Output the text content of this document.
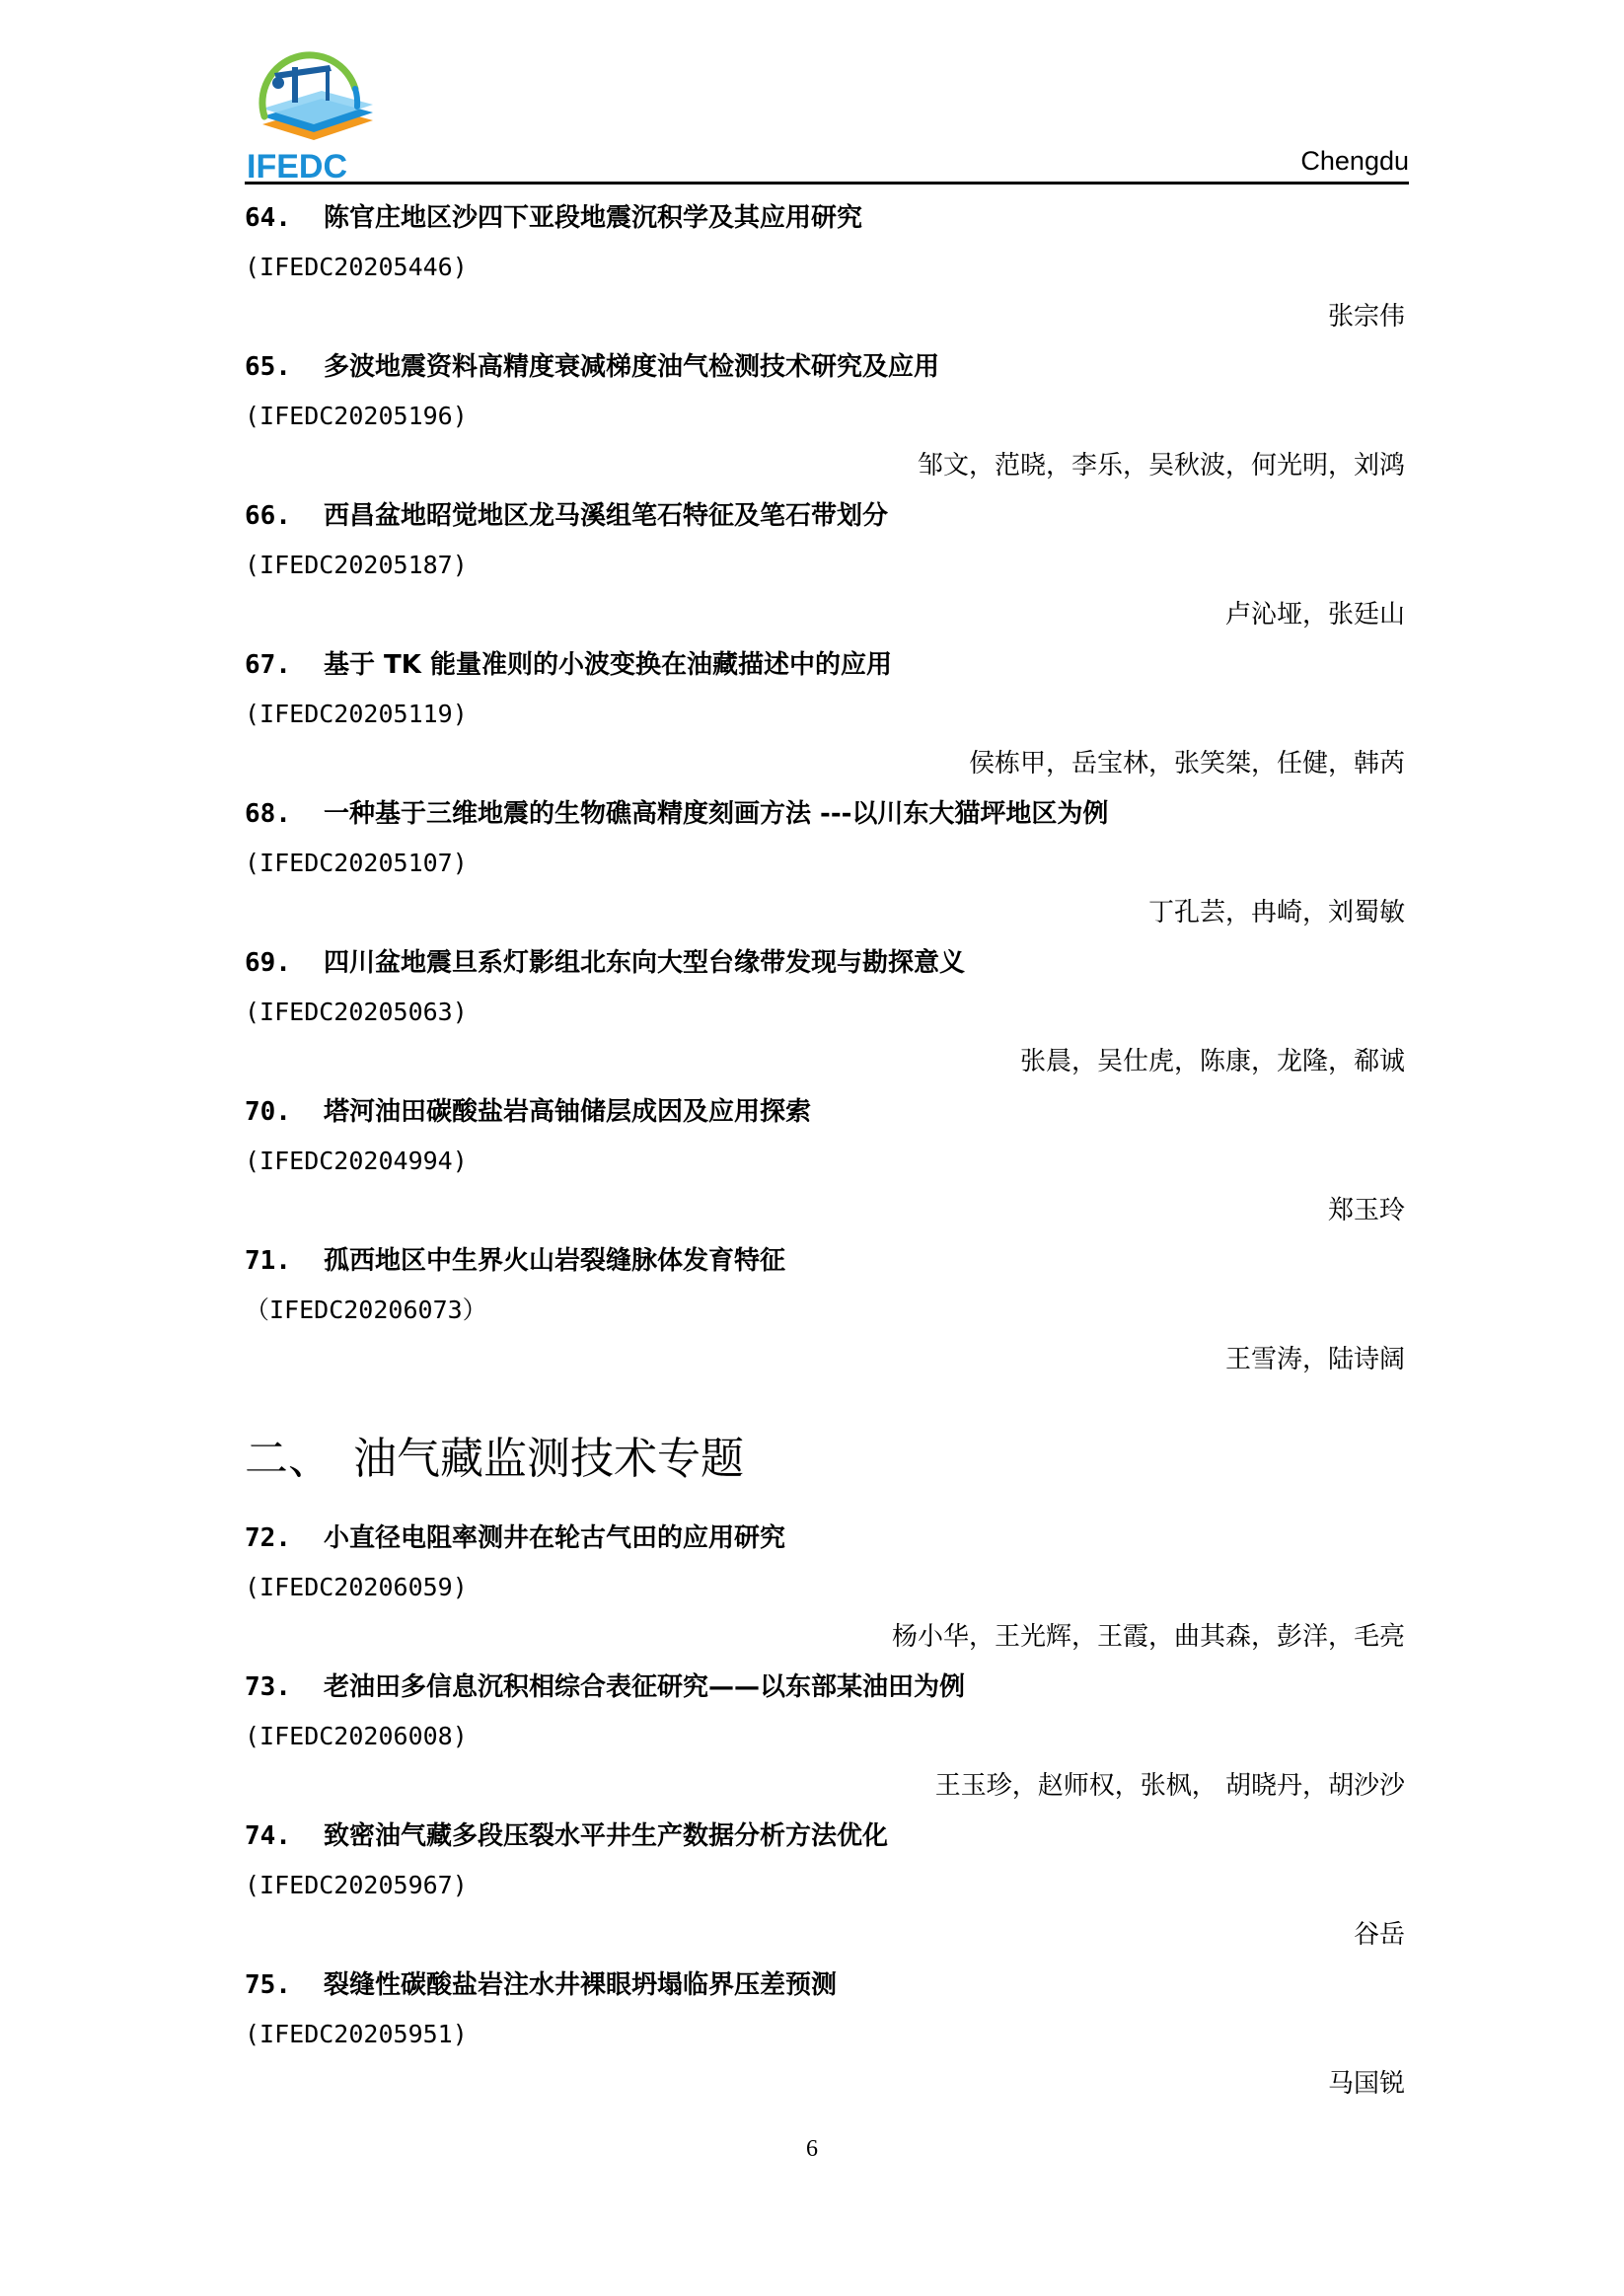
IFEDC	Chengdu
64. 陈官庄地区沙四下亚段地震沉积学及其应用研究
(IFEDC20205446)
张宗伟
65. 多波地震资料高精度衰减梯度油气检测技术研究及应用
(IFEDC20205196)
邹文，范晓，李乐，吴秋波，何光明，刘鸿
66. 西昌盆地昭觉地区龙马溪组笔石特征及笔石带划分
(IFEDC20205187)
卢沁垭，张廷山
67. 基于 TK 能量准则的小波变换在油藏描述中的应用
(IFEDC20205119)
侯栋甲，岳宝林，张笑桀，任健，韩芮
68. 一种基于三维地震的生物礁高精度刻画方法 ---以川东大猫坪地区为例
(IFEDC20205107)
丁孔芸，冉崎，刘蜀敏
69. 四川盆地震旦系灯影组北东向大型台缘带发现与勘探意义
(IFEDC20205063)
张晨，吴仕虎，陈康，龙隆，郗诚
70. 塔河油田碳酸盐岩高铀储层成因及应用探索
(IFEDC20204994)
郑玉玲
71. 孤西地区中生界火山岩裂缝脉体发育特征
（IFEDC20206073）
王雪涛，陆诗阔
二、 油气藏监测技术专题
72. 小直径电阻率测井在轮古气田的应用研究
(IFEDC20206059)
杨小华，王光辉，王霞，曲其森，彭洋，毛亮
73. 老油田多信息沉积相综合表征研究——以东部某油田为例
(IFEDC20206008)
王玉珍，赵师权，张枫， 胡晓丹，胡沙沙
74. 致密油气藏多段压裂水平井生产数据分析方法优化
(IFEDC20205967)
谷岳
75. 裂缝性碳酸盐岩注水井裸眼坍塌临界压差预测
(IFEDC20205951)
马国锐
6
